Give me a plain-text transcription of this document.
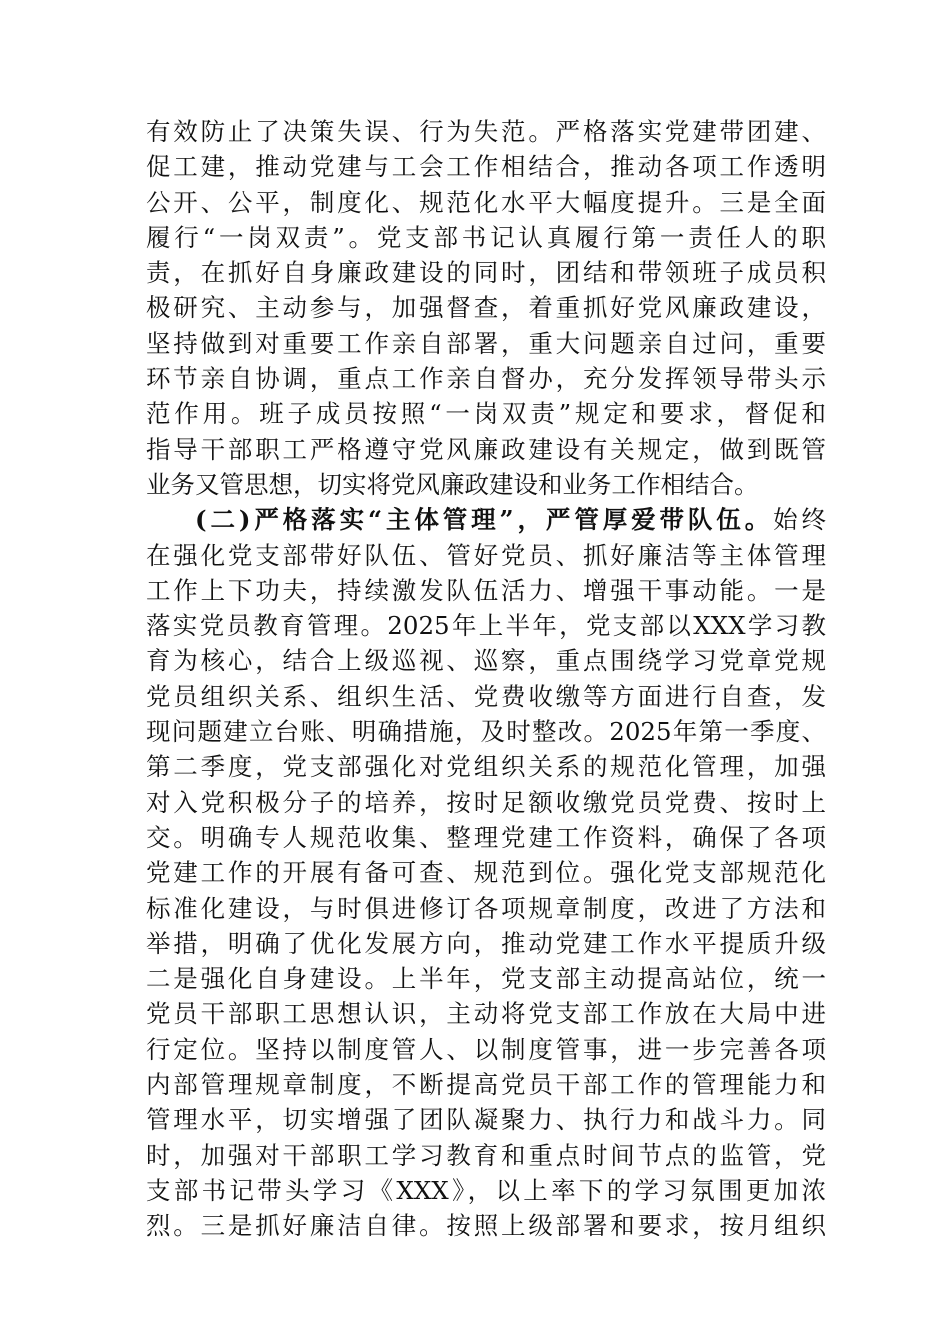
有效防止了决策失误、行为失范。严格落实党建带团建、
促工建，推动党建与工会工作相结合，推动各项工作透明
公开、公平，制度化、规范化水平大幅度提升。三是全面
履行“一岗双责”。党支部书记认真履行第一责任人的职
责，在抓好自身廉政建设的同时，团结和带领班子成员积
极研究、主动参与，加强督查，着重抓好党风廉政建设，
坚持做到对重要工作亲自部署，重大问题亲自过问，重要
环节亲自协调，重点工作亲自督办，充分发挥领导带头示
范作用。班子成员按照“一岗双责”规定和要求，督促和
指导干部职工严格遵守党风廉政建设有关规定，做到既管
业务又管思想，切实将党风廉政建设和业务工作相结合。
(二)严格落实“主体管理”，严管厚爱带队伍。始终
在强化党支部带好队伍、管好党员、抓好廉洁等主体管理
工作上下功夫，持续激发队伍活力、增强干事动能。一是
落实党员教育管理。2025年上半年，党支部以XXX学习教
育为核心，结合上级巡视、巡察，重点围绕学习党章党规
党员组织关系、组织生活、党费收缴等方面进行自查，发
现问题建立台账、明确措施，及时整改。2025年第一季度、
第二季度，党支部强化对党组织关系的规范化管理，加强
对入党积极分子的培养，按时足额收缴党员党费、按时上
交。明确专人规范收集、整理党建工作资料，确保了各项
党建工作的开展有备可查、规范到位。强化党支部规范化
标准化建设，与时俱进修订各项规章制度，改进了方法和
举措，明确了优化发展方向，推动党建工作水平提质升级
二是强化自身建设。上半年，党支部主动提高站位，统一
党员干部职工思想认识，主动将党支部工作放在大局中进
行定位。坚持以制度管人、以制度管事，进一步完善各项
内部管理规章制度，不断提高党员干部工作的管理能力和
管理水平，切实增强了团队凝聚力、执行力和战斗力。同
时，加强对干部职工学习教育和重点时间节点的监管，党
支部书记带头学习《XXX》，以上率下的学习氛围更加浓
烈。三是抓好廉洁自律。按照上级部署和要求，按月组织
